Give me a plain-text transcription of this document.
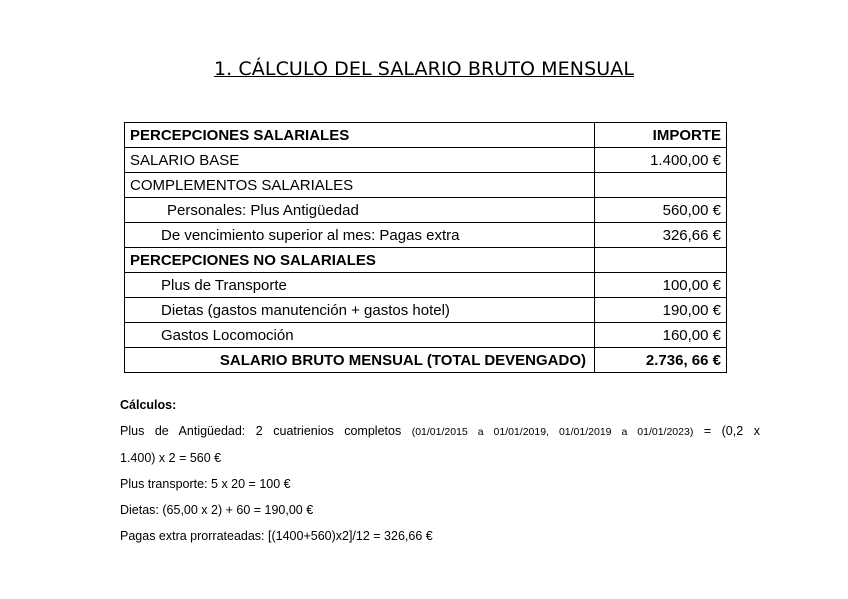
1. CÁLCULO DEL SALARIO BRUTO MENSUAL
PERCEPCIONES SALARIALES	IMPORTE
SALARIO BASE	1.400,00 €
COMPLEMENTOS SALARIALES	
Personales: Plus Antigüedad	560,00 €
De vencimiento superior al mes: Pagas extra	326,66 €
PERCEPCIONES NO SALARIALES	
Plus de Transporte	100,00 €
Dietas (gastos manutención + gastos hotel)	190,00 €
Gastos Locomoción	160,00 €
SALARIO BRUTO MENSUAL (TOTAL DEVENGADO)	2.736, 66 €
Cálculos:
Plus de Antigüedad: 2 cuatrienios completos (01/01/2015 a 01/01/2019, 01/01/2019 a 01/01/2023) = (0,2 x
1.400) x 2 = 560 €
Plus transporte: 5 x 20 = 100 €
Dietas: (65,00 x 2) + 60 = 190,00 €
Pagas extra prorrateadas: [(1400+560)x2]/12 = 326,66 €
